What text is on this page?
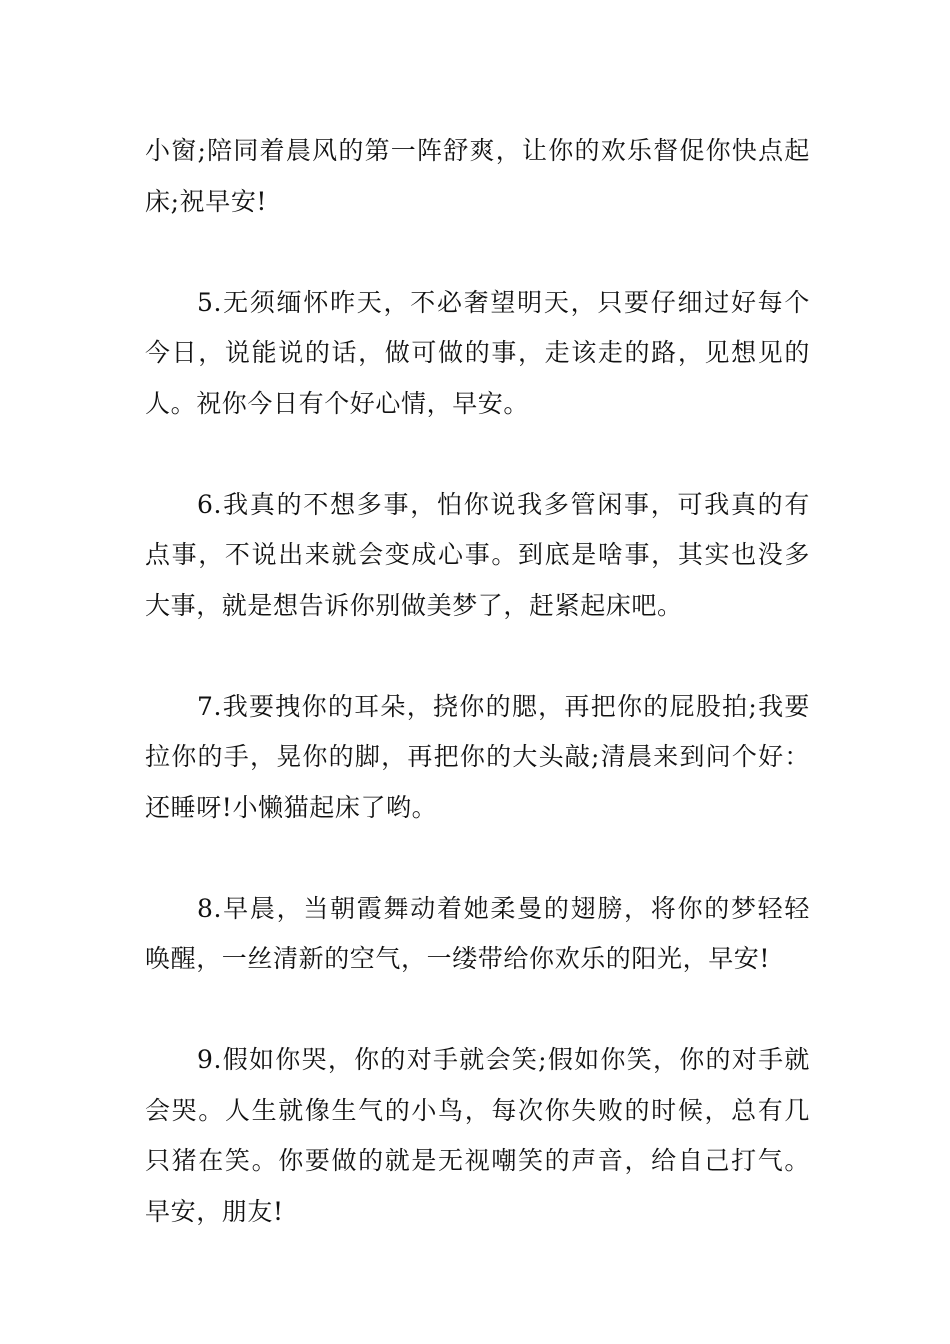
小窗;陪同着晨风的第一阵舒爽，让你的欢乐督促你快点起床;祝早安!

5.无须缅怀昨天，不必奢望明天，只要仔细过好每个今日，说能说的话，做可做的事，走该走的路，见想见的人。祝你今日有个好心情，早安。

6.我真的不想多事，怕你说我多管闲事，可我真的有点事，不说出来就会变成心事。到底是啥事，其实也没多大事，就是想告诉你别做美梦了，赶紧起床吧。

7.我要拽你的耳朵，挠你的腮，再把你的屁股拍;我要拉你的手，晃你的脚，再把你的大头敲;清晨来到问个好：还睡呀!小懒猫起床了哟。

8.早晨，当朝霞舞动着她柔曼的翅膀，将你的梦轻轻唤醒，一丝清新的空气，一缕带给你欢乐的阳光，早安!

9.假如你哭，你的对手就会笑;假如你笑，你的对手就会哭。人生就像生气的小鸟，每次你失败的时候，总有几只猪在笑。你要做的就是无视嘲笑的声音，给自己打气。早安，朋友!
